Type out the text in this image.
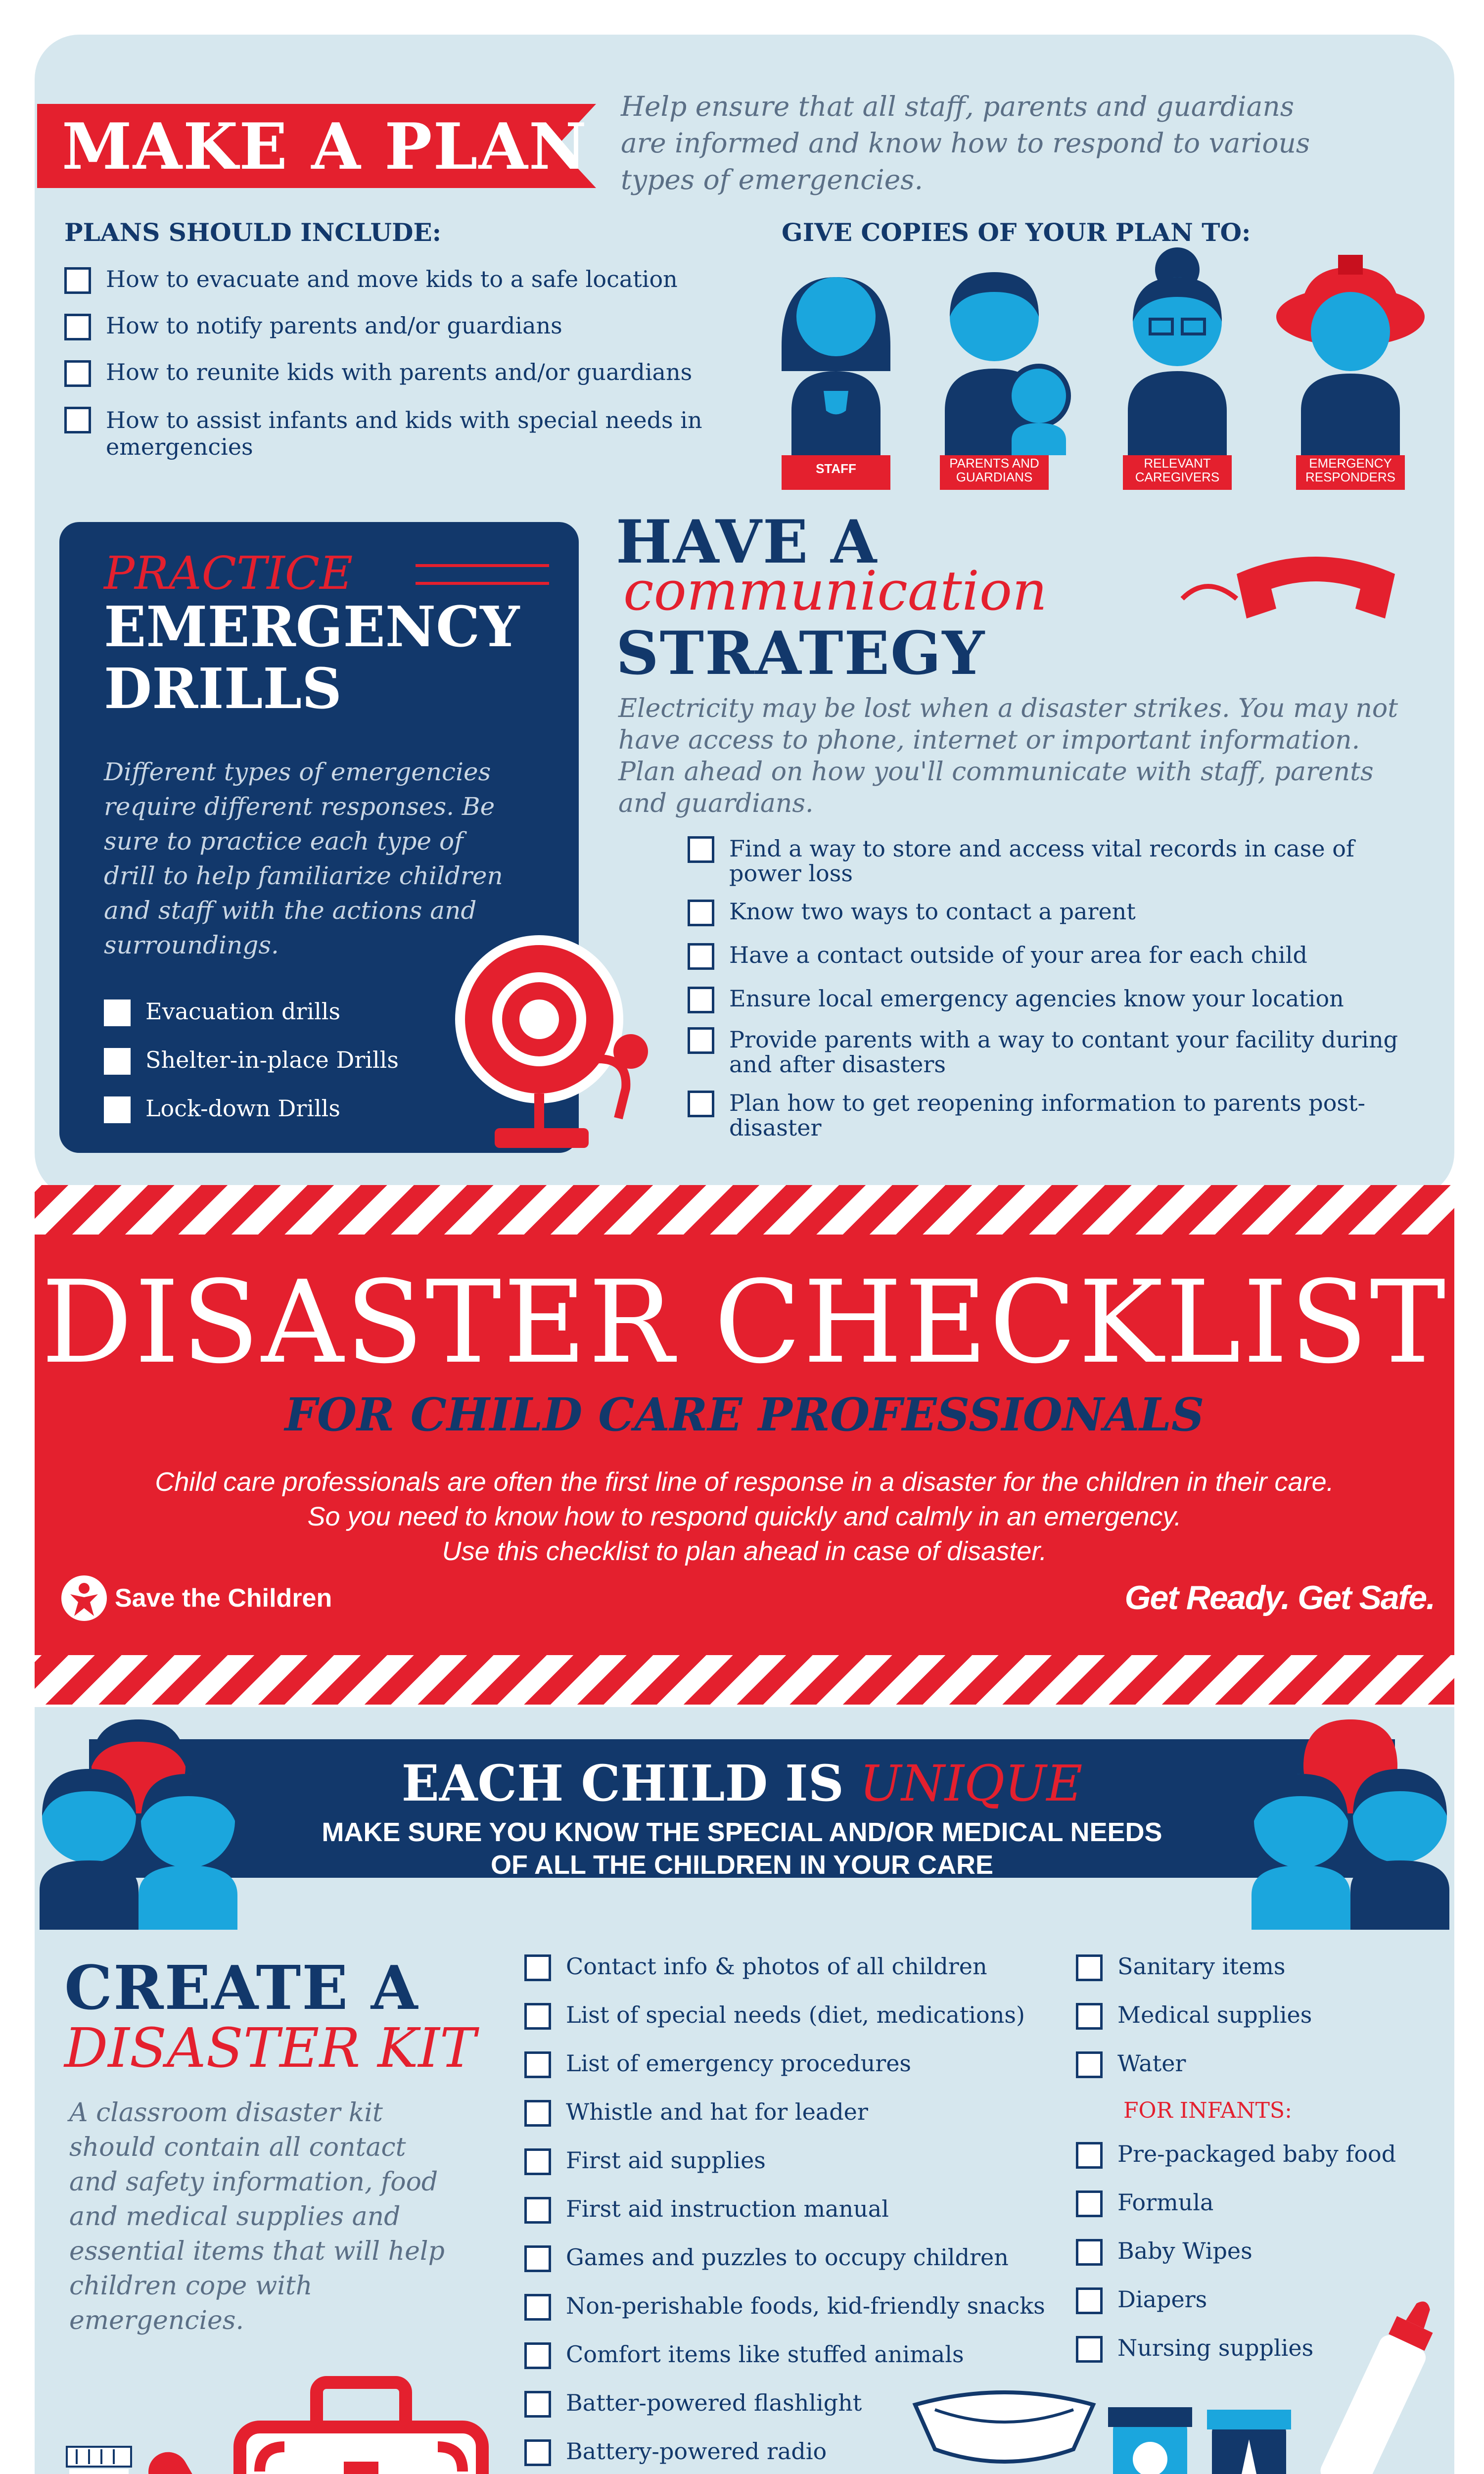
MAKE A PLAN
Help ensure that all staff, parents and guardians are informed and know how to respond to various types of emergencies.
PLANS SHOULD INCLUDE:
How to evacuate and move kids to a safe location
How to notify parents and/or guardians
How to reunite kids with parents and/or guardians
How to assist infants and kids with special needs in emergencies
GIVE COPIES OF YOUR PLAN TO:
STAFF	PARENTS AND GUARDIANS
RELEVANT CAREGIVERS
EMERGENCY RESPONDERS
PRACTICE
EMERGENCY DRILLS
Different types of emergencies require different responses. Be sure to practice each type of drill to help familiarize children and staff with the actions and surroundings.
Evacuation drills
Shelter-in-place Drills
Lock-down Drills
HAVE A
communication
STRATEGY
Electricity may be lost when a disaster strikes. You may not have access to phone, internet or important information. Plan ahead on how you'll communicate with staff, parents and guardians.
Find a way to store and access vital records in case of power loss
Know two ways to contact a parent
Have a contact outside of your area for each child
Ensure local emergency agencies know your location
Provide parents with a way to contant your facility during and after disasters
Plan how to get reopening information to parents post-disaster
DISASTER CHECKLIST
FOR CHILD CARE PROFESSIONALS
Child care professionals are often the first line of response in a disaster for the children in their care.
So you need to know how to respond quickly and calmly in an emergency.
Use this checklist to plan ahead in case of disaster.
Save the Children	Get Ready. Get Safe.
EACH CHILD IS UNIQUE
MAKE SURE YOU KNOW THE SPECIAL AND/OR MEDICAL NEEDS
OF ALL THE CHILDREN IN YOUR CARE
CREATE A
DISASTER KIT
A classroom disaster kit should contain all contact and safety information, food and medical supplies and essential items that will help children cope with emergencies.
Contact info & photos of all children
List of special needs (diet, medications)
List of emergency procedures
Whistle and hat for leader
First aid supplies
First aid instruction manual
Games and puzzles to occupy children
Non-perishable foods, kid-friendly snacks
Comfort items like stuffed animals
Batter-powered flashlight
Battery-powered radio
Sanitary items
Medical supplies
Water
FOR INFANTS:
Pre-packaged baby food
Formula
Baby Wipes
Diapers
Nursing supplies
